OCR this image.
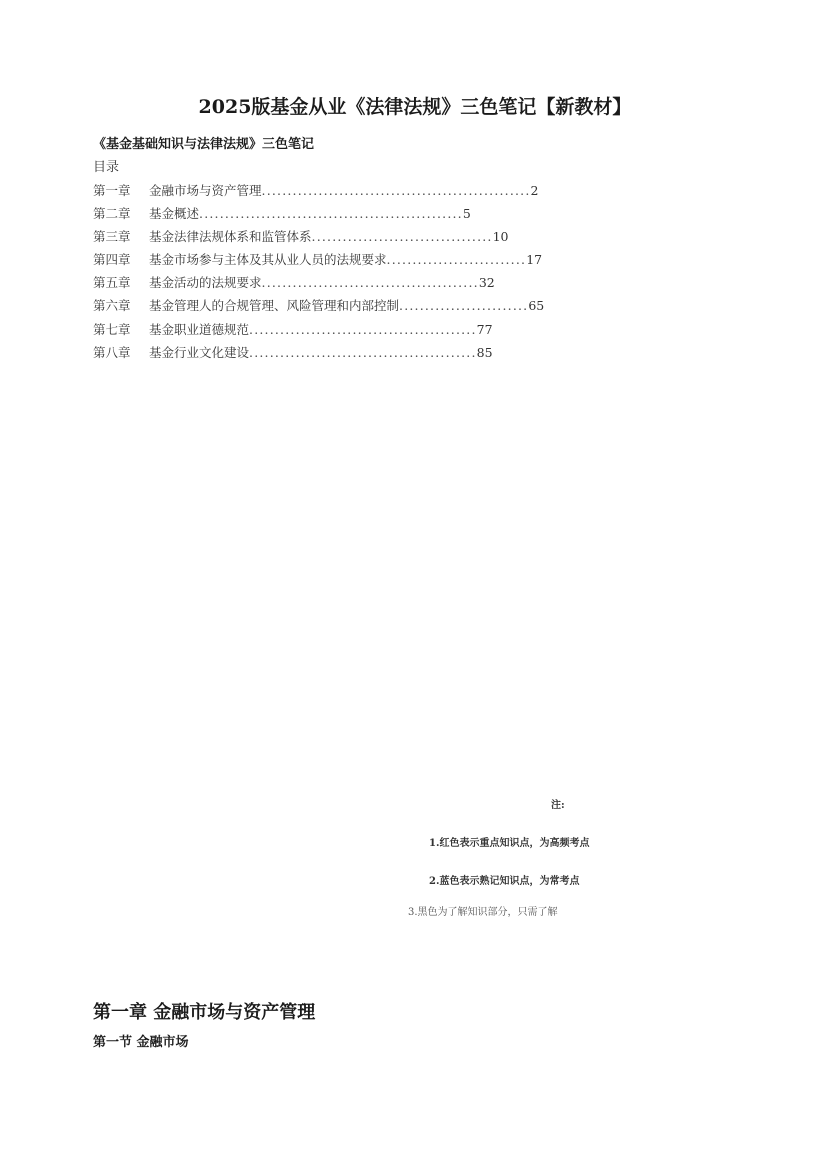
2025版基金从业《法律法规》三色笔记【新教材】
《基金基础知识与法律法规》三色笔记
目录
第一章 金融市场与资产管理....................................................2
第二章 基金概述...................................................5
第三章 基金法律法规体系和监管体系...................................10
第四章 基金市场参与主体及其从业人员的法规要求...........................17
第五章 基金活动的法规要求..........................................32
第六章 基金管理人的合规管理、风险管理和内部控制.........................65
第七章 基金职业道德规范............................................77
第八章 基金行业文化建设............................................85
注:
1.红色表示重点知识点，为高频考点
2.蓝色表示熟记知识点，为常考点
3.黑色为了解知识部分，只需了解
第一章 金融市场与资产管理
第一节 金融市场
